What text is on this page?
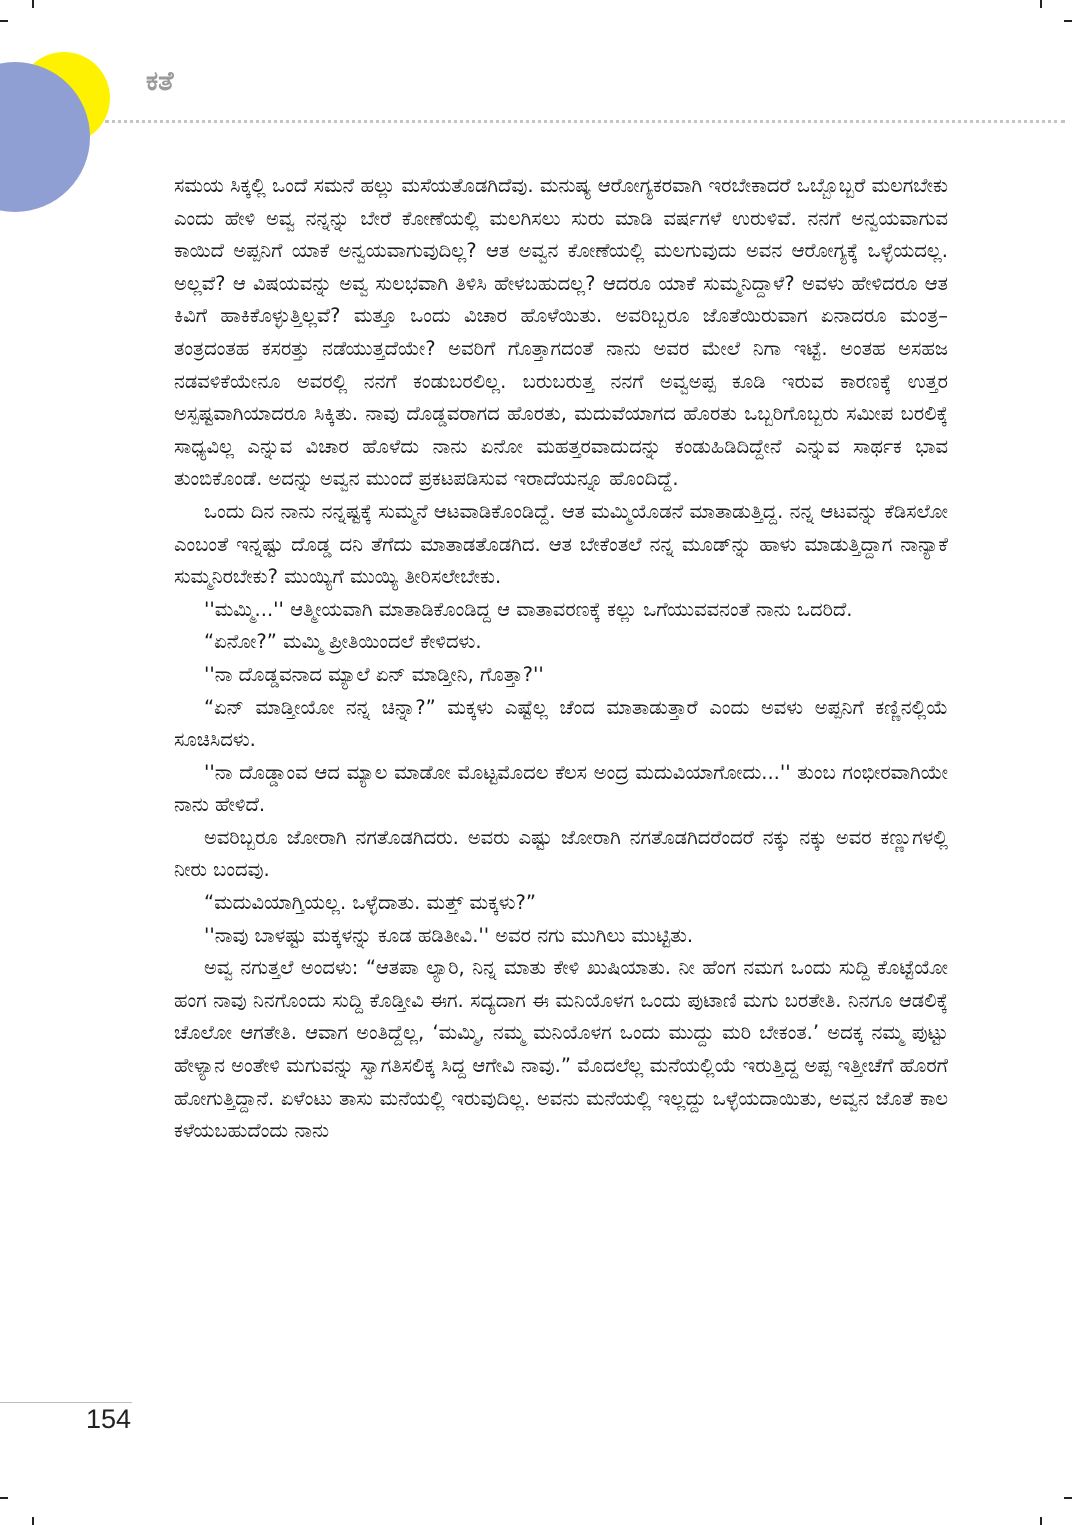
ಕತೆ

ಸಮಯ ಸಿಕ್ಕಲ್ಲಿ ಒಂದೆ ಸಮನೆ ಹಲ್ಲು ಮಸೆಯತೊಡಗಿದೆವು. ಮನುಷ್ಯ ಆರೋಗ್ಯಕರವಾಗಿ ಇರಬೇಕಾದರೆ ಒಬ್ಬೊಬ್ಬರೆ ಮಲಗಬೇಕು ಎಂದು ಹೇಳಿ ಅವ್ವ ನನ್ನನ್ನು ಬೇರೆ ಕೋಣೆಯಲ್ಲಿ ಮಲಗಿಸಲು ಸುರು ಮಾಡಿ ವರ್ಷಗಳೆ ಉರುಳಿವೆ. ನನಗೆ ಅನ್ವಯವಾಗುವ ಕಾಯಿದೆ ಅಪ್ಪನಿಗೆ ಯಾಕೆ ಅನ್ವಯವಾಗುವುದಿಲ್ಲ? ಆತ ಅವ್ವನ ಕೋಣೆಯಲ್ಲಿ ಮಲಗುವುದು ಅವನ ಆರೋಗ್ಯಕ್ಕೆ ಒಳ್ಳೆಯದಲ್ಲ. ಅಲ್ಲವೆ? ಆ ವಿಷಯವನ್ನು ಅವ್ವ ಸುಲಭವಾಗಿ ತಿಳಿಸಿ ಹೇಳಬಹುದಲ್ಲ? ಆದರೂ ಯಾಕೆ ಸುಮ್ಮನಿದ್ದಾಳೆ? ಅವಳು ಹೇಳಿದರೂ ಆತ ಕಿವಿಗೆ ಹಾಕಿಕೊಳ್ಳುತ್ತಿಲ್ಲವೆ? ಮತ್ತೂ ಒಂದು ವಿಚಾರ ಹೊಳೆಯಿತು. ಅವರಿಬ್ಬರೂ ಜೊತೆಯಿರುವಾಗ ಏನಾದರೂ ಮಂತ್ರ–ತಂತ್ರದಂತಹ ಕಸರತ್ತು ನಡೆಯುತ್ತದೆಯೇ? ಅವರಿಗೆ ಗೊತ್ತಾಗದಂತೆ ನಾನು ಅವರ ಮೇಲೆ ನಿಗಾ ಇಟ್ಟೆ. ಅಂತಹ ಅಸಹಜ ನಡವಳಿಕೆಯೇನೂ ಅವರಲ್ಲಿ ನನಗೆ ಕಂಡುಬರಲಿಲ್ಲ. ಬರುಬರುತ್ತ ನನಗೆ ಅವ್ವಅಪ್ಪ ಕೂಡಿ ಇರುವ ಕಾರಣಕ್ಕೆ ಉತ್ತರ ಅಸ್ಪಷ್ಟವಾಗಿಯಾದರೂ ಸಿಕ್ಕಿತು. ನಾವು ದೊಡ್ಡವರಾಗದ ಹೊರತು, ಮದುವೆಯಾಗದ ಹೊರತು ಒಬ್ಬರಿಗೊಬ್ಬರು ಸಮೀಪ ಬರಲಿಕ್ಕೆ ಸಾಧ್ಯವಿಲ್ಲ ಎನ್ನುವ ವಿಚಾರ ಹೊಳೆದು ನಾನು ಏನೋ ಮಹತ್ತರವಾದುದನ್ನು ಕಂಡುಹಿಡಿದಿದ್ದೇನೆ ಎನ್ನುವ ಸಾರ್ಥಕ ಭಾವ ತುಂಬಿಕೊಂಡೆ. ಅದನ್ನು ಅವ್ವನ ಮುಂದೆ ಪ್ರಕಟಪಡಿಸುವ ಇರಾದೆಯನ್ನೂ ಹೊಂದಿದ್ದೆ.

ಒಂದು ದಿನ ನಾನು ನನ್ನಷ್ಟಕ್ಕೆ ಸುಮ್ಮನೆ ಆಟವಾಡಿಕೊಂಡಿದ್ದೆ. ಆತ ಮಮ್ಮಿಯೊಡನೆ ಮಾತಾಡುತ್ತಿದ್ದ. ನನ್ನ ಆಟವನ್ನು ಕೆಡಿಸಲೋ ಎಂಬಂತೆ ಇನ್ನಷ್ಟು ದೊಡ್ಡ ದನಿ ತೆಗೆದು ಮಾತಾಡತೊಡಗಿದ. ಆತ ಬೇಕೆಂತಲೆ ನನ್ನ ಮೂಡ್‌ನ್ನು ಹಾಳು ಮಾಡುತ್ತಿದ್ದಾಗ ನಾನ್ಯಾಕೆ ಸುಮ್ಮನಿರಬೇಕು? ಮುಯ್ಯಿಗೆ ಮುಯ್ಯಿ ತೀರಿಸಲೇಬೇಕು.

''ಮಮ್ಮಿ...'' ಆತ್ಮೀಯವಾಗಿ ಮಾತಾಡಿಕೊಂಡಿದ್ದ ಆ ವಾತಾವರಣಕ್ಕೆ ಕಲ್ಲು ಒಗೆಯುವವನಂತೆ ನಾನು ಒದರಿದೆ.

“ಏನೋ?” ಮಮ್ಮಿ ಪ್ರೀತಿಯಿಂದಲೆ ಕೇಳಿದಳು.

''ನಾ ದೊಡ್ಡವನಾದ ಮ್ಯಾಲೆ ಏನ್ ಮಾಡ್ತೀನಿ, ಗೊತ್ತಾ?''

“ಏನ್ ಮಾಡ್ತೀಯೋ ನನ್ನ ಚಿನ್ನಾ?” ಮಕ್ಕಳು ಎಷ್ಟೆಲ್ಲ ಚೆಂದ ಮಾತಾಡುತ್ತಾರೆ ಎಂದು ಅವಳು ಅಪ್ಪನಿಗೆ ಕಣ್ಣಿನಲ್ಲಿಯೆ ಸೂಚಿಸಿದಳು.

''ನಾ ದೊಡ್ಡಾಂವ ಆದ ಮ್ಯಾಲ ಮಾಡೋ ಮೊಟ್ಟಮೊದಲ ಕೆಲಸ ಅಂದ್ರ ಮದುವಿಯಾಗೋದು...'' ತುಂಬ ಗಂಭೀರವಾಗಿಯೇ ನಾನು ಹೇಳಿದೆ.

ಅವರಿಬ್ಬರೂ ಜೋರಾಗಿ ನಗತೊಡಗಿದರು. ಅವರು ಎಷ್ಟು ಜೋರಾಗಿ ನಗತೊಡಗಿದರೆಂದರೆ ನಕ್ಕು ನಕ್ಕು ಅವರ ಕಣ್ಣುಗಳಲ್ಲಿ ನೀರು ಬಂದವು.

“ಮದುವಿಯಾಗ್ತಿಯಲ್ಲ. ಒಳ್ಳೆದಾತು. ಮತ್ತ್ ಮಕ್ಕಳು?”

''ನಾವು ಬಾಳಷ್ಟು ಮಕ್ಕಳನ್ನು ಕೂಡ ಹಡಿತೀವಿ.'' ಅವರ ನಗು ಮುಗಿಲು ಮುಟ್ಟಿತು.

ಅವ್ವ ನಗುತ್ತಲೆ ಅಂದಳು: “ಆತಪಾ ಲ್ಯಾರಿ, ನಿನ್ನ ಮಾತು ಕೇಳಿ ಖುಷಿಯಾತು. ನೀ ಹೆಂಗ ನಮಗ ಒಂದು ಸುದ್ದಿ ಕೊಟ್ಟೆಯೋ ಹಂಗ ನಾವು ನಿನಗೊಂದು ಸುದ್ದಿ ಕೊಡ್ತೀವಿ ಈಗ. ಸದ್ಯದಾಗ ಈ ಮನಿಯೊಳಗ ಒಂದು ಪುಟಾಣಿ ಮಗು ಬರತೇತಿ. ನಿನಗೂ ಆಡಲಿಕ್ಕೆ ಚೊಲೋ ಆಗತೇತಿ. ಆವಾಗ ಅಂತಿದ್ದೆಲ್ಲ, ‘ಮಮ್ಮಿ, ನಮ್ಮ ಮನಿಯೊಳಗ ಒಂದು ಮುದ್ದು ಮರಿ ಬೇಕಂತ.’ ಅದಕ್ಕ ನಮ್ಮ ಪುಟ್ಟು ಹೇಳ್ಯಾನ ಅಂತೇಳಿ ಮಗುವನ್ನು ಸ್ವಾಗತಿಸಲಿಕ್ಕ ಸಿದ್ದ ಆಗೇವಿ ನಾವು.” ಮೊದಲೆಲ್ಲ ಮನೆಯಲ್ಲಿಯೆ ಇರುತ್ತಿದ್ದ ಅಪ್ಪ ಇತ್ತೀಚೆಗೆ ಹೊರಗೆ ಹೋಗುತ್ತಿದ್ದಾನೆ. ಏಳೆಂಟು ತಾಸು ಮನೆಯಲ್ಲಿ ಇರುವುದಿಲ್ಲ. ಅವನು ಮನೆಯಲ್ಲಿ ಇಲ್ಲದ್ದು ಒಳ್ಳೆಯದಾಯಿತು, ಅವ್ವನ ಜೊತೆ ಕಾಲ ಕಳೆಯಬಹುದೆಂದು ನಾನು

154
